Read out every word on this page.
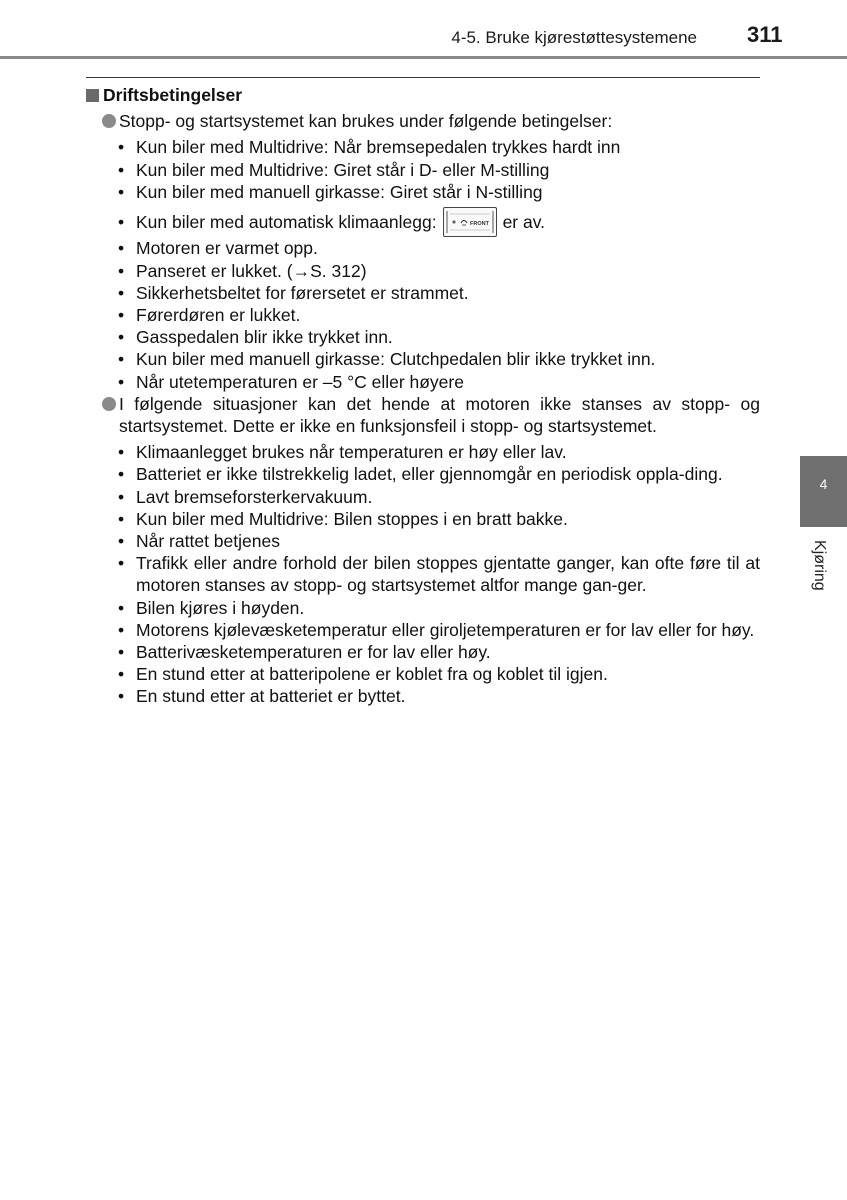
4-5. Bruke kjørestøttesystemene 311
Driftsbetingelser
Stopp- og startsystemet kan brukes under følgende betingelser:
• Kun biler med Multidrive: Når bremsepedalen trykkes hardt inn
• Kun biler med Multidrive: Giret står i D- eller M-stilling
• Kun biler med manuell girkasse: Giret står i N-stilling
• Kun biler med automatisk klimaanlegg:	FRONT er av.
• Motoren er varmet opp.
• Panseret er lukket. (→S. 312)
• Sikkerhetsbeltet for førersetet er strammet.
• Førerdøren er lukket.
• Gasspedalen blir ikke trykket inn.
• Kun biler med manuell girkasse: Clutchpedalen blir ikke trykket inn.
• Når utetemperaturen er –5 °C eller høyere
I følgende situasjoner kan det hende at motoren ikke stanses av stopp- og startsystemet. Dette er ikke en funksjonsfeil i stopp- og startsystemet.
• Klimaanlegget brukes når temperaturen er høy eller lav.
• Batteriet er ikke tilstrekkelig ladet, eller gjennomgår en periodisk oppla-ding.
• Lavt bremseforsterkervakuum.
• Kun biler med Multidrive: Bilen stoppes i en bratt bakke.
• Når rattet betjenes
• Trafikk eller andre forhold der bilen stoppes gjentatte ganger, kan ofte føre til at motoren stanses av stopp- og startsystemet altfor mange gan-ger.
• Bilen kjøres i høyden.
• Motorens kjølevæsketemperatur eller giroljetemperaturen er for lav eller for høy.
• Batterivæsketemperaturen er for lav eller høy.
• En stund etter at batteripolene er koblet fra og koblet til igjen.
• En stund etter at batteriet er byttet.
4
Kjøring
